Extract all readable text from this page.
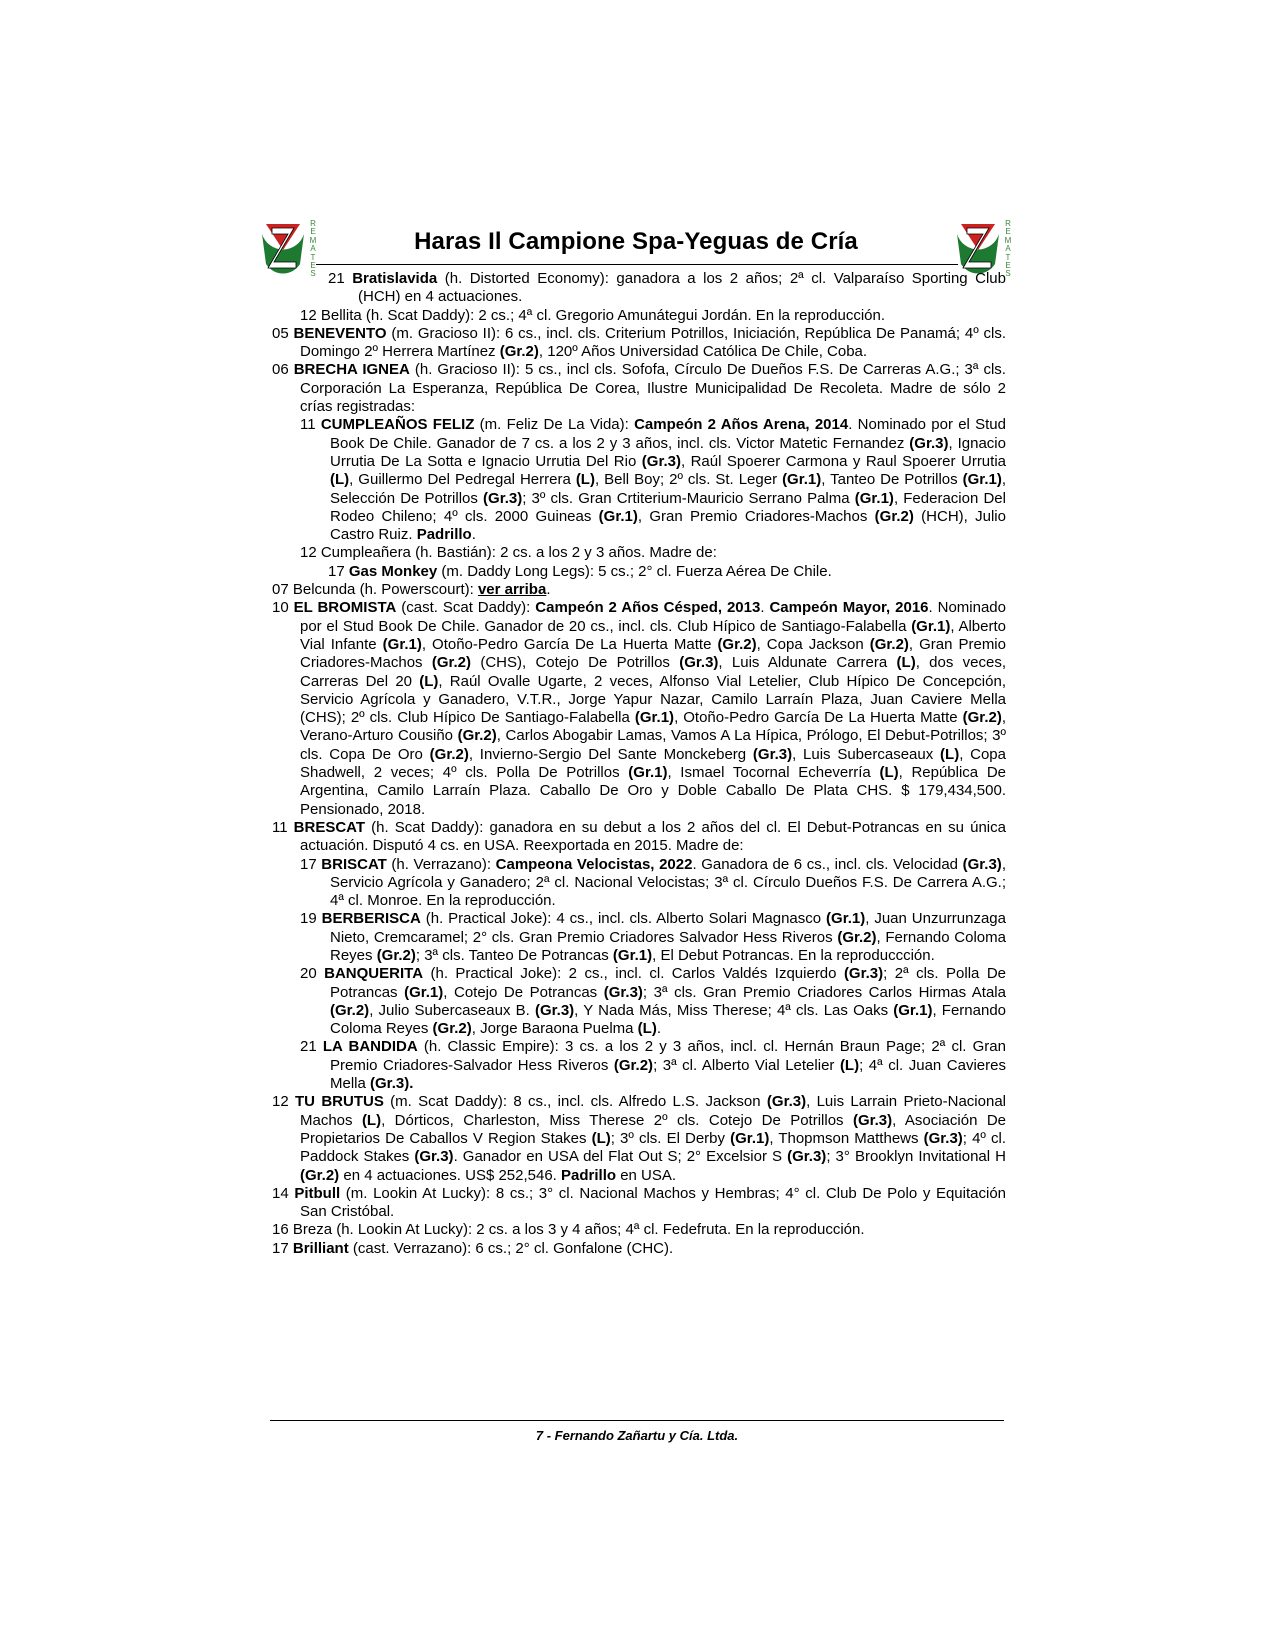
R
E
M
A
T
E
S
R
E
M
A
T
E
S
Haras Il Campione Spa-Yeguas de Cría

21 Bratislavida (h. Distorted Economy): ganadora a los 2 años; 2ª cl. Valparaíso Sporting Club (HCH) en 4 actuaciones.

12 Bellita (h. Scat Daddy): 2 cs.; 4ª cl. Gregorio Amunátegui Jordán. En la reproducción.

05 BENEVENTO (m. Gracioso II): 6 cs., incl. cls. Criterium Potrillos, Iniciación, República De Panamá; 4º cls. Domingo 2º Herrera Martínez (Gr.2), 120º Años Universidad Católica De Chile, Coba.

06 BRECHA IGNEA (h. Gracioso II): 5 cs., incl cls. Sofofa, Círculo De Dueños F.S. De Carreras A.G.; 3ª cls. Corporación La Esperanza, República De Corea, Ilustre Municipalidad De Recoleta. Madre de sólo 2 crías registradas:

11 CUMPLEAÑOS FELIZ (m. Feliz De La Vida): Campeón 2 Años Arena, 2014. Nominado por el Stud Book De Chile. Ganador de 7 cs. a los 2 y 3 años, incl. cls. Victor Matetic Fernandez (Gr.3), Ignacio Urrutia De La Sotta e Ignacio Urrutia Del Rio (Gr.3), Raúl Spoerer Carmona y Raul Spoerer Urrutia (L), Guillermo Del Pedregal Herrera (L), Bell Boy; 2º cls. St. Leger (Gr.1), Tanteo De Potrillos (Gr.1), Selección De Potrillos (Gr.3); 3º cls. Gran Crtiterium-Mauricio Serrano Palma (Gr.1), Federacion Del Rodeo Chileno; 4º cls. 2000 Guineas (Gr.1), Gran Premio Criadores-Machos (Gr.2) (HCH), Julio Castro Ruiz. Padrillo.

12 Cumpleañera (h. Bastián): 2 cs. a los 2 y 3 años. Madre de:

17 Gas Monkey (m. Daddy Long Legs): 5 cs.; 2° cl. Fuerza Aérea De Chile.

07 Belcunda (h. Powerscourt): ver arriba.

10 EL BROMISTA (cast. Scat Daddy): Campeón 2 Años Césped, 2013. Campeón Mayor, 2016. Nominado por el Stud Book De Chile. Ganador de 20 cs., incl. cls. Club Hípico de Santiago-Falabella (Gr.1), Alberto Vial Infante (Gr.1), Otoño-Pedro García De La Huerta Matte (Gr.2), Copa Jackson (Gr.2), Gran Premio Criadores-Machos (Gr.2) (CHS), Cotejo De Potrillos (Gr.3), Luis Aldunate Carrera (L), dos veces, Carreras Del 20 (L), Raúl Ovalle Ugarte, 2 veces, Alfonso Vial Letelier, Club Hípico De Concepción, Servicio Agrícola y Ganadero, V.T.R., Jorge Yapur Nazar, Camilo Larraín Plaza, Juan Caviere Mella (CHS); 2º cls. Club Hípico De Santiago-Falabella (Gr.1), Otoño-Pedro García De La Huerta Matte (Gr.2), Verano-Arturo Cousiño (Gr.2), Carlos Abogabir Lamas, Vamos A La Hípica, Prólogo, El Debut-Potrillos; 3º cls. Copa De Oro (Gr.2), Invierno-Sergio Del Sante Monckeberg (Gr.3), Luis Subercaseaux (L), Copa Shadwell, 2 veces; 4º cls. Polla De Potrillos (Gr.1), Ismael Tocornal Echeverría (L), República De Argentina, Camilo Larraín Plaza. Caballo De Oro y Doble Caballo De Plata CHS. $ 179,434,500. Pensionado, 2018.

11 BRESCAT (h. Scat Daddy): ganadora en su debut a los 2 años del cl. El Debut-Potrancas en su única actuación. Disputó 4 cs. en USA. Reexportada en 2015. Madre de:

17 BRISCAT (h. Verrazano): Campeona Velocistas, 2022. Ganadora de 6 cs., incl. cls. Velocidad (Gr.3), Servicio Agrícola y Ganadero; 2ª cl. Nacional Velocistas; 3ª cl. Círculo Dueños F.S. De Carrera A.G.; 4ª cl. Monroe. En la reproducción.

19 BERBERISCA (h. Practical Joke): 4 cs., incl. cls. Alberto Solari Magnasco (Gr.1), Juan Unzurrunzaga Nieto, Cremcaramel; 2° cls. Gran Premio Criadores Salvador Hess Riveros (Gr.2), Fernando Coloma Reyes (Gr.2); 3ª cls. Tanteo De Potrancas (Gr.1), El Debut Potrancas. En la reproduccción.

20 BANQUERITA (h. Practical Joke): 2 cs., incl. cl. Carlos Valdés Izquierdo (Gr.3); 2ª cls. Polla De Potrancas (Gr.1), Cotejo De Potrancas (Gr.3); 3ª cls. Gran Premio Criadores Carlos Hirmas Atala (Gr.2), Julio Subercaseaux B. (Gr.3), Y Nada Más, Miss Therese; 4ª cls. Las Oaks (Gr.1), Fernando Coloma Reyes (Gr.2), Jorge Baraona Puelma (L).

21 LA BANDIDA (h. Classic Empire): 3 cs. a los 2 y 3 años, incl. cl. Hernán Braun Page; 2ª cl. Gran Premio Criadores-Salvador Hess Riveros (Gr.2); 3ª cl. Alberto Vial Letelier (L); 4ª cl. Juan Cavieres Mella (Gr.3).

12 TU BRUTUS (m. Scat Daddy): 8 cs., incl. cls. Alfredo L.S. Jackson (Gr.3), Luis Larrain Prieto-Nacional Machos (L), Dórticos, Charleston, Miss Therese 2º cls. Cotejo De Potrillos (Gr.3), Asociación De Propietarios De Caballos V Region Stakes (L); 3º cls. El Derby (Gr.1), Thopmson Matthews (Gr.3); 4º cl. Paddock Stakes (Gr.3). Ganador en USA del Flat Out S; 2° Excelsior S (Gr.3); 3° Brooklyn Invitational H (Gr.2) en 4 actuaciones. US$ 252,546. Padrillo en USA.

14 Pitbull (m. Lookin At Lucky): 8 cs.; 3° cl. Nacional Machos y Hembras; 4° cl. Club De Polo y Equitación San Cristóbal.

16 Breza (h. Lookin At Lucky): 2 cs. a los 3 y 4 años; 4ª cl. Fedefruta. En la reproducción.

17 Brilliant (cast. Verrazano): 6 cs.; 2° cl. Gonfalone (CHC).

7 - Fernando Zañartu y Cía. Ltda.
